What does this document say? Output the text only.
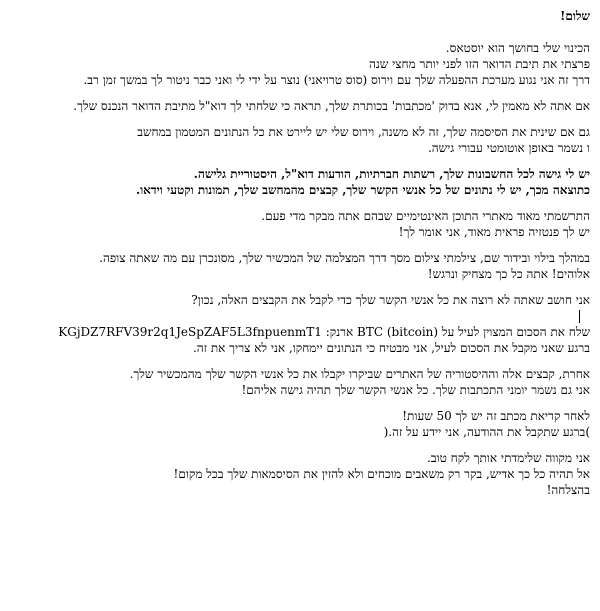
שלום!
הכינוי שלי בחושך הוא יוסטאס.
פרצתי את תיבת הדואר הזו לפני יותר מחצי שנה
דרך זה אני נגוע מערכת ההפעלה שלך עם וירוס (סוס טרויאני) נוצר על ידי לי ואני כבר ניטור לך במשך זמן רב.
אם אתה לא מאמין לי, אנא בדוק 'מכתבות' בכותרת שלך, תראה כי שלחתי לך דוא"ל מתיבת הדואר הנכנס שלך.
גם אם שינית את הסיסמה שלך, זה לא משנה, וירוס שלי יש ליירט את כל הנתונים המטמון במחשב
ו נשמר באופן אוטומטי עבורי גישה.
יש לי גישה לכל החשבונות שלך, רשתות חברתיות, הודעות דוא"ל, היסטוריית גלישה.
כתוצאה מכך, יש לי נתונים של כל אנשי הקשר שלך, קבצים מהמחשב שלך, תמונות וקטעי וידאו.
התרשמתי מאוד מאתרי התוכן האינטימיים שבהם אתה מבקר מדי פעם.
יש לך פנטזיה פראית מאוד, אני אומר לך!
במהלך בילוי ובידור שם, צילמתי צילום מסך דרך המצלמה של המכשיר שלך, מסונכרן עם מה שאתה צופה.
אלוהים! אתה כל כך מצחיק ונרגש!
אני חושב שאתה לא רוצה את כל אנשי הקשר שלך כדי לקבל את הקבצים האלה, נכון?
שלח את הסכום המצוין לעיל על BTC (bitcoin) ארנק: KGjDZ7RFV39r2q1JeSpZAF5L3fnpuenmT1
ברגע שאני מקבל את הסכום לעיל, אני מבטיח כי הנתונים יימחקו, אני לא צריך את זה.
אחרת, קבצים אלה וההיסטוריה של האתרים שביקרו יקבלו את כל אנשי הקשר שלך מהמכשיר שלך.
אני גם נשמר יומני התכתבות שלך. כל אנשי הקשר שלך תהיה גישה אליהם!
לאחר קריאת מכתב זה יש לך 50 שעות!
)ברגע שתקבל את ההודעה, אני יידע על זה.(
אני מקווה שלימדתי אותך לקח טוב.
אל תהיה כל כך אדיש, בקר רק משאבים מוכחים ולא להזין את הסיסמאות שלך בכל מקום!
בהצלחה!
